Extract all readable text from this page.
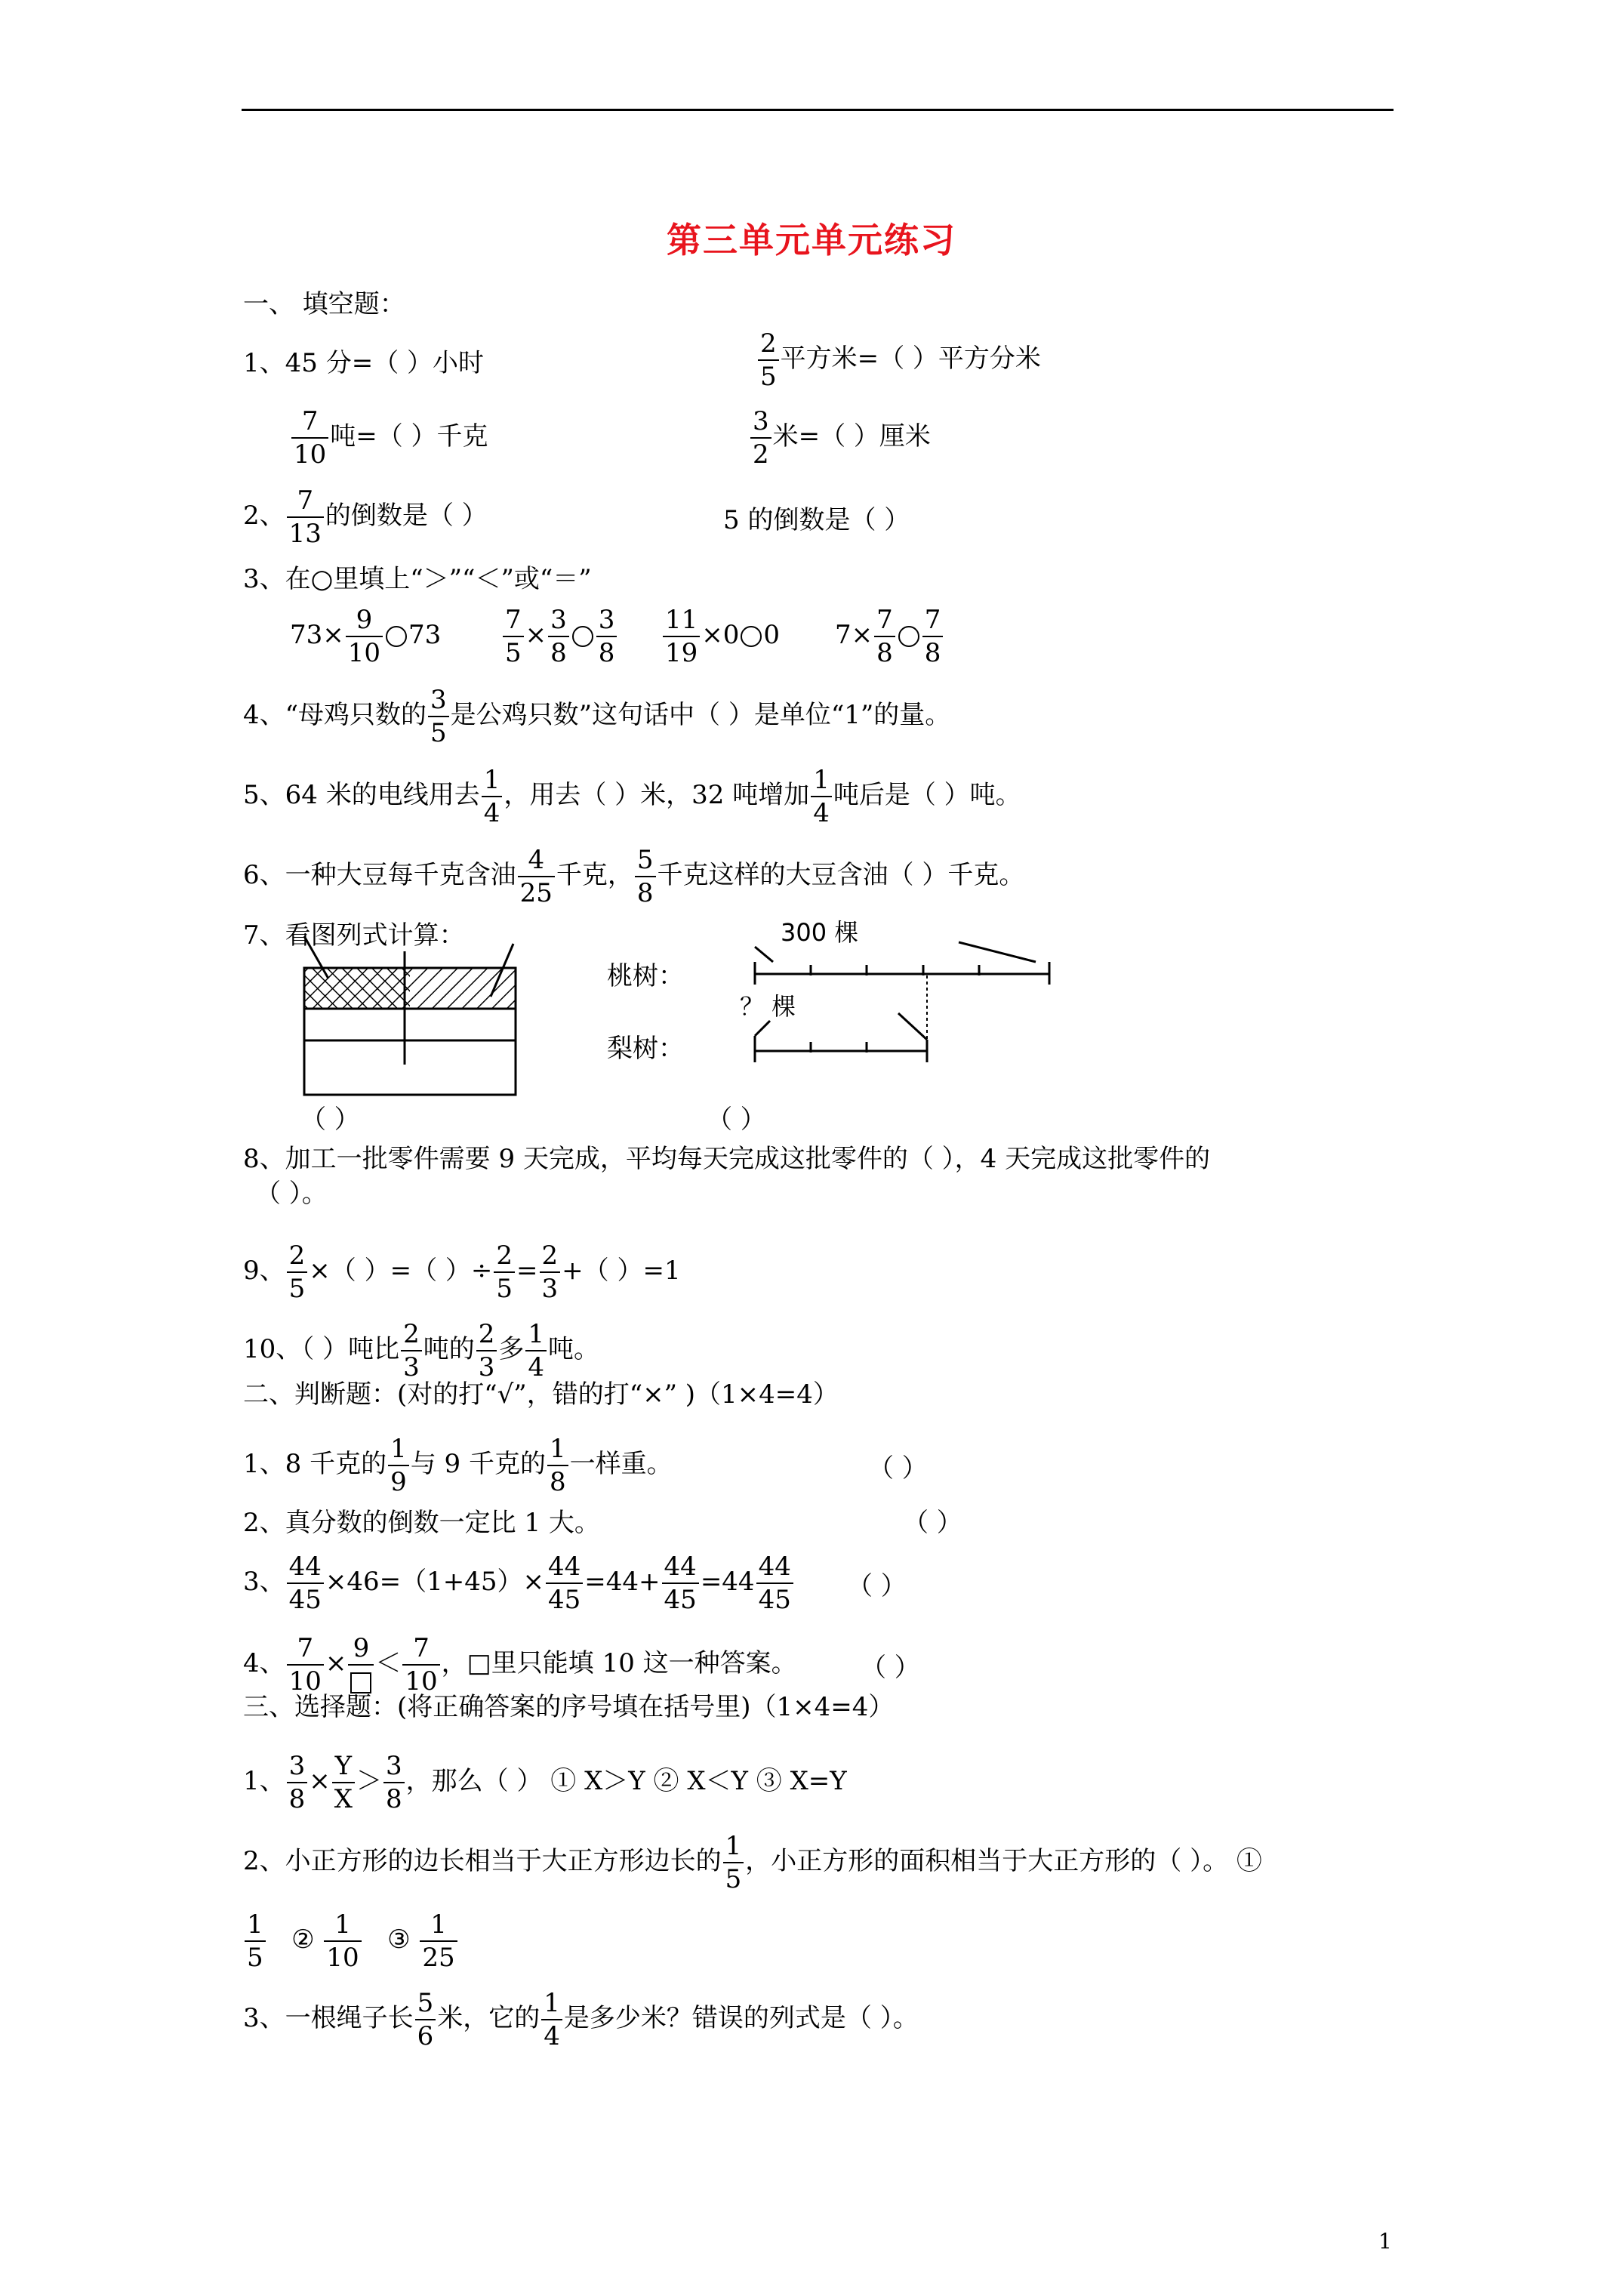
第三单元单元练习
一、 填空题：
1、45 分=（ ）小时	$\frac{2}{5}$ 平方米=（ ）平方分米
$\frac{7}{10}$ 吨=（ ）千克	$\frac{3}{2}$ 米=（ ）厘米
2、 $\frac{7}{13}$ 的倒数是（ ）	5 的倒数是（ ）
3、在○里填上“＞”“＜”或“＝”
$73\times \frac{9}{10} 73 \frac{7}{5} \times \frac{3}{8} \frac{3}{8} \frac{11}{19} \times 0$ 0 $7\times \frac{7}{8} \frac{7}{8}$
4、“母鸡只数的 $\frac{3}{5}$ 是公鸡只数”这句话中（ ）是单位“1”的量。
5、64 米的电线用去 $\frac{1}{4}$ ，用去（ ）米，32 吨增加 $\frac{1}{4}$ 吨后是（ ）吨。
6、一种大豆每千克含油 $\frac{4}{25}$ 千克， $\frac{5}{8}$ 千克这样的大豆含油（ ）千克。
7、看图列式计算：
桃树：
梨树：
300 棵
？ 棵
（ ）	（ ）
8、加工一批零件需要 9 天完成，平均每天完成这批零件的（ ），4 天完成这批零件的
（ ）。
9、 $\frac{2}{5}$ ×（ ）=（ ）÷ $\frac{2}{5} = \frac{2}{3}$ +（ ）=1
10、（ ）吨比 $\frac{2}{3}$ 吨的 $\frac{2}{3}$ 多 $\frac{1}{4}$ 吨。
二、判断题：(对的打“√”，错的打“×” )（1×4=4）
1、8 千克的 $\frac{1}{9}$ 与 9 千克的 $\frac{1}{8}$ 一样重。	（ ）
2、真分数的倒数一定比 1 大。	（ ）
3、 $\frac{44}{45} \times 46=(1+45)\times \frac{44}{45} =44+ \frac{44}{45} =44 \frac{44}{45}$ （ ）
4、 $\frac{7}{10} \times 9 < \frac{7}{10}$ ，□里只能填 10 这一种答案。 （ ）
三、选择题：(将正确答案的序号填在括号里)（1×4=4）
1、 $\frac{3}{8} \times \frac{Y}{X} > \frac{3}{8}$ ，那么（ ） ① X＞Y ② X＜Y ③ X=Y
2、小正方形的边长相当于大正方形边长的 $\frac{1}{5}$ ，小正方形的面积相当于大正方形的（ ）。 ①
$\frac{1}{5}$ ② $\frac{1}{10}$ ③ $\frac{1}{25}$
3、一根绳子长 $\frac{5}{6}$ 米，它的 $\frac{1}{4}$ 是多少米？错误的列式是（ ）。
1
